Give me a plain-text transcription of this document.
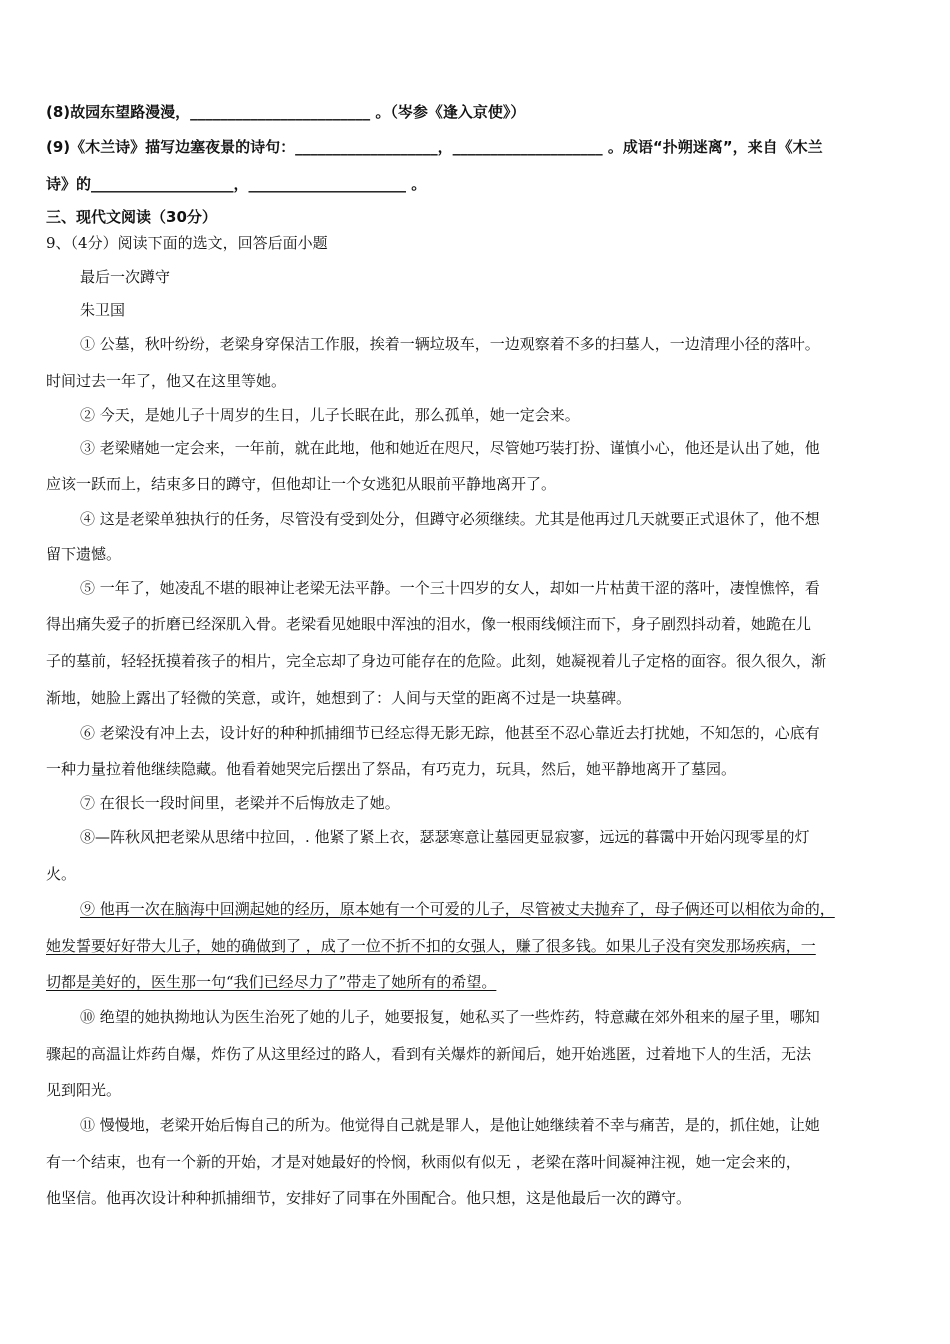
(8)故园东望路漫漫，________________________ 。（岑参《逢入京使》）
(9)《木兰诗》描写边塞夜景的诗句：___________________，____________________ 。成语“扑朔迷离”，来自《木兰
诗》的___________________，_____________________ 。
三、现代文阅读（30分）
9、（4分）阅读下面的选文，回答后面小题
最后一次蹲守
朱卫国
① 公墓，秋叶纷纷，老梁身穿保洁工作服，挨着一辆垃圾车，一边观察着不多的扫墓人，一边清理小径的落叶。
时间过去一年了，他又在这里等她。
② 今天，是她儿子十周岁的生日，儿子长眠在此，那么孤单，她一定会来。
③ 老梁赌她一定会来，一年前，就在此地，他和她近在咫尺，尽管她巧装打扮、谨慎小心，他还是认出了她，他
应该一跃而上，结束多日的蹲守，但他却让一个女逃犯从眼前平静地离开了。
④ 这是老梁单独执行的任务，尽管没有受到处分，但蹲守必须继续。尤其是他再过几天就要正式退休了，他不想
留下遗憾。
⑤ 一年了，她凌乱不堪的眼神让老梁无法平静。一个三十四岁的女人，却如一片枯黄干涩的落叶，凄惶憔悴，看
得出痛失爱子的折磨已经深肌入骨。老梁看见她眼中浑浊的泪水，像一根雨线倾注而下，身子剧烈抖动着，她跪在儿
子的墓前，轻轻抚摸着孩子的相片，完全忘却了身边可能存在的危险。此刻，她凝视着儿子定格的面容。很久很久，渐
渐地，她脸上露出了轻微的笑意，或许，她想到了：人间与天堂的距离不过是一块墓碑。
⑥ 老梁没有冲上去，设计好的种种抓捕细节已经忘得无影无踪，他甚至不忍心靠近去打扰她，不知怎的，心底有
一种力量拉着他继续隐藏。他看着她哭完后摆出了祭品，有巧克力，玩具，然后，她平静地离开了墓园。
⑦ 在很长一段时间里，老梁并不后悔放走了她。
⑧—阵秋风把老梁从思绪中拉回，. 他紧了紧上衣，瑟瑟寒意让墓园更显寂寥，远远的暮霭中开始闪现零星的灯
火。
⑨ 他再一次在脑海中回溯起她的经历，原本她有一个可爱的儿子，尽管被丈夫抛弃了，母子俩还可以相依为命的，
她发誓要好好带大儿子，她的确做到了 ，成了一位不折不扣的女强人，赚了很多钱。如果儿子没有突发那场疾病，一
切都是美好的，医生那一句“我们已经尽力了”带走了她所有的希望。
⑩ 绝望的她执拗地认为医生治死了她的儿子，她要报复，她私买了一些炸药，特意藏在郊外租来的屋子里，哪知
骤起的高温让炸药自爆，炸伤了从这里经过的路人，看到有关爆炸的新闻后，她开始逃匿，过着地下人的生活，无法
见到阳光。
⑪ 慢慢地，老梁开始后悔自己的所为。他觉得自己就是罪人，是他让她继续着不幸与痛苦，是的，抓住她，让她
有一个结束，也有一个新的开始，才是对她最好的怜悯，秋雨似有似无 ，老梁在落叶间凝神注视，她一定会来的，
他坚信。他再次设计种种抓捕细节，安排好了同事在外围配合。他只想，这是他最后一次的蹲守。
